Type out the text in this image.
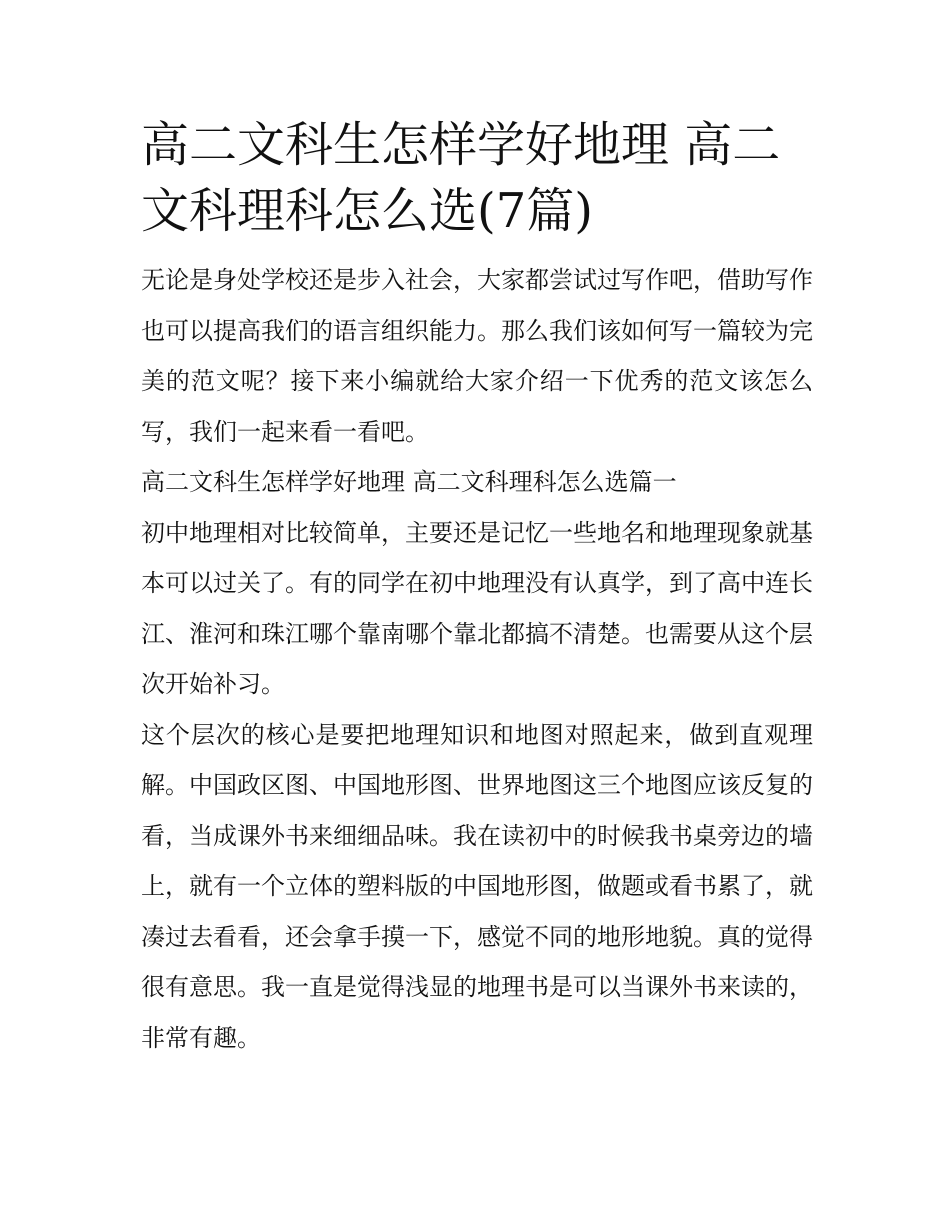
高二文科生怎样学好地理 高二文科理科怎么选(7篇)

无论是身处学校还是步入社会，大家都尝试过写作吧，借助写作也可以提高我们的语言组织能力。那么我们该如何写一篇较为完美的范文呢？接下来小编就给大家介绍一下优秀的范文该怎么写，我们一起来看一看吧。

高二文科生怎样学好地理 高二文科理科怎么选篇一

初中地理相对比较简单，主要还是记忆一些地名和地理现象就基本可以过关了。有的同学在初中地理没有认真学，到了高中连长江、淮河和珠江哪个靠南哪个靠北都搞不清楚。也需要从这个层次开始补习。

这个层次的核心是要把地理知识和地图对照起来，做到直观理解。中国政区图、中国地形图、世界地图这三个地图应该反复的看，当成课外书来细细品味。我在读初中的时候我书桌旁边的墙上，就有一个立体的塑料版的中国地形图，做题或看书累了，就凑过去看看，还会拿手摸一下，感觉不同的地形地貌。真的觉得很有意思。我一直是觉得浅显的地理书是可以当课外书来读的，非常有趣。
